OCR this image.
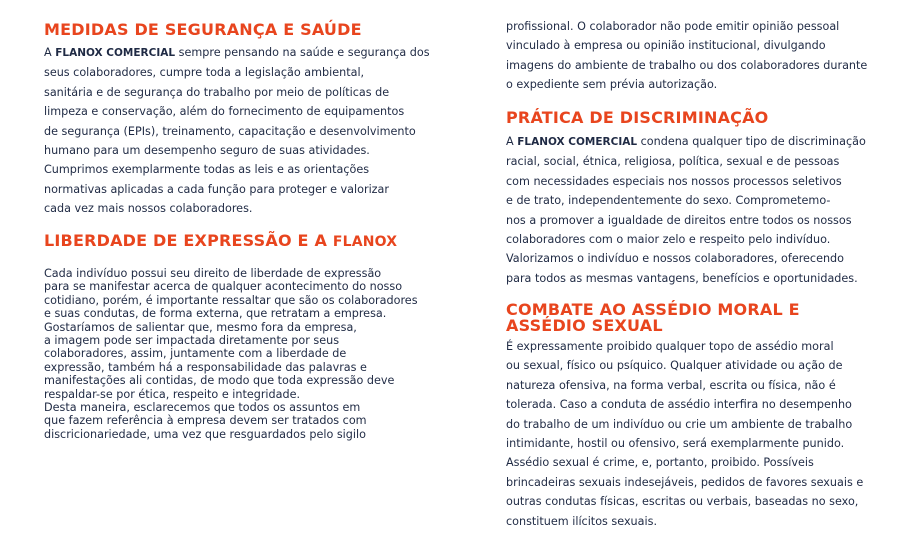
MEDIDAS DE SEGURANÇA E SAÚDE

A FLANOX COMERCIAL sempre pensando na saúde e segurança dos
seus colaboradores, cumpre toda a legislação ambiental,
sanitária e de segurança do trabalho por meio de políticas de
limpeza e conservação, além do fornecimento de equipamentos
de segurança (EPIs), treinamento, capacitação e desenvolvimento
humano para um desempenho seguro de suas atividades.
Cumprimos exemplarmente todas as leis e as orientações
normativas aplicadas a cada função para proteger e valorizar
cada vez mais nossos colaboradores.

LIBERDADE DE EXPRESSÃO E A FLANOX

Cada indivíduo possui seu direito de liberdade de expressão
para se manifestar acerca de qualquer acontecimento do nosso
cotidiano, porém, é importante ressaltar que são os colaboradores
e suas condutas, de forma externa, que retratam a empresa.
Gostaríamos de salientar que, mesmo fora da empresa,
a imagem pode ser impactada diretamente por seus
colaboradores, assim, juntamente com a liberdade de
expressão, também há a responsabilidade das palavras e
manifestações ali contidas, de modo que toda expressão deve
respaldar-se por ética, respeito e integridade.
Desta maneira, esclarecemos que todos os assuntos em
que fazem referência à empresa devem ser tratados com
discricionariedade, uma vez que resguardados pelo sigilo

profissional. O colaborador não pode emitir opinião pessoal
vinculado à empresa ou opinião institucional, divulgando
imagens do ambiente de trabalho ou dos colaboradores durante
o expediente sem prévia autorização.

PRÁTICA DE DISCRIMINAÇÃO

A FLANOX COMERCIAL condena qualquer tipo de discriminação
racial, social, étnica, religiosa, política, sexual e de pessoas
com necessidades especiais nos nossos processos seletivos
e de trato, independentemente do sexo. Comprometemo-
nos a promover a igualdade de direitos entre todos os nossos
colaboradores com o maior zelo e respeito pelo indivíduo.
Valorizamos o indivíduo e nossos colaboradores, oferecendo
para todos as mesmas vantagens, benefícios e oportunidades.

COMBATE AO ASSÉDIO MORAL E ASSÉDIO SEXUAL

É expressamente proibido qualquer topo de assédio moral
ou sexual, físico ou psíquico. Qualquer atividade ou ação de
natureza ofensiva, na forma verbal, escrita ou física, não é
tolerada. Caso a conduta de assédio interfira no desempenho
do trabalho de um indivíduo ou crie um ambiente de trabalho
intimidante, hostil ou ofensivo, será exemplarmente punido.
Assédio sexual é crime, e, portanto, proibido. Possíveis
brincadeiras sexuais indesejáveis, pedidos de favores sexuais e
outras condutas físicas, escritas ou verbais, baseadas no sexo,
constituem ilícitos sexuais.
